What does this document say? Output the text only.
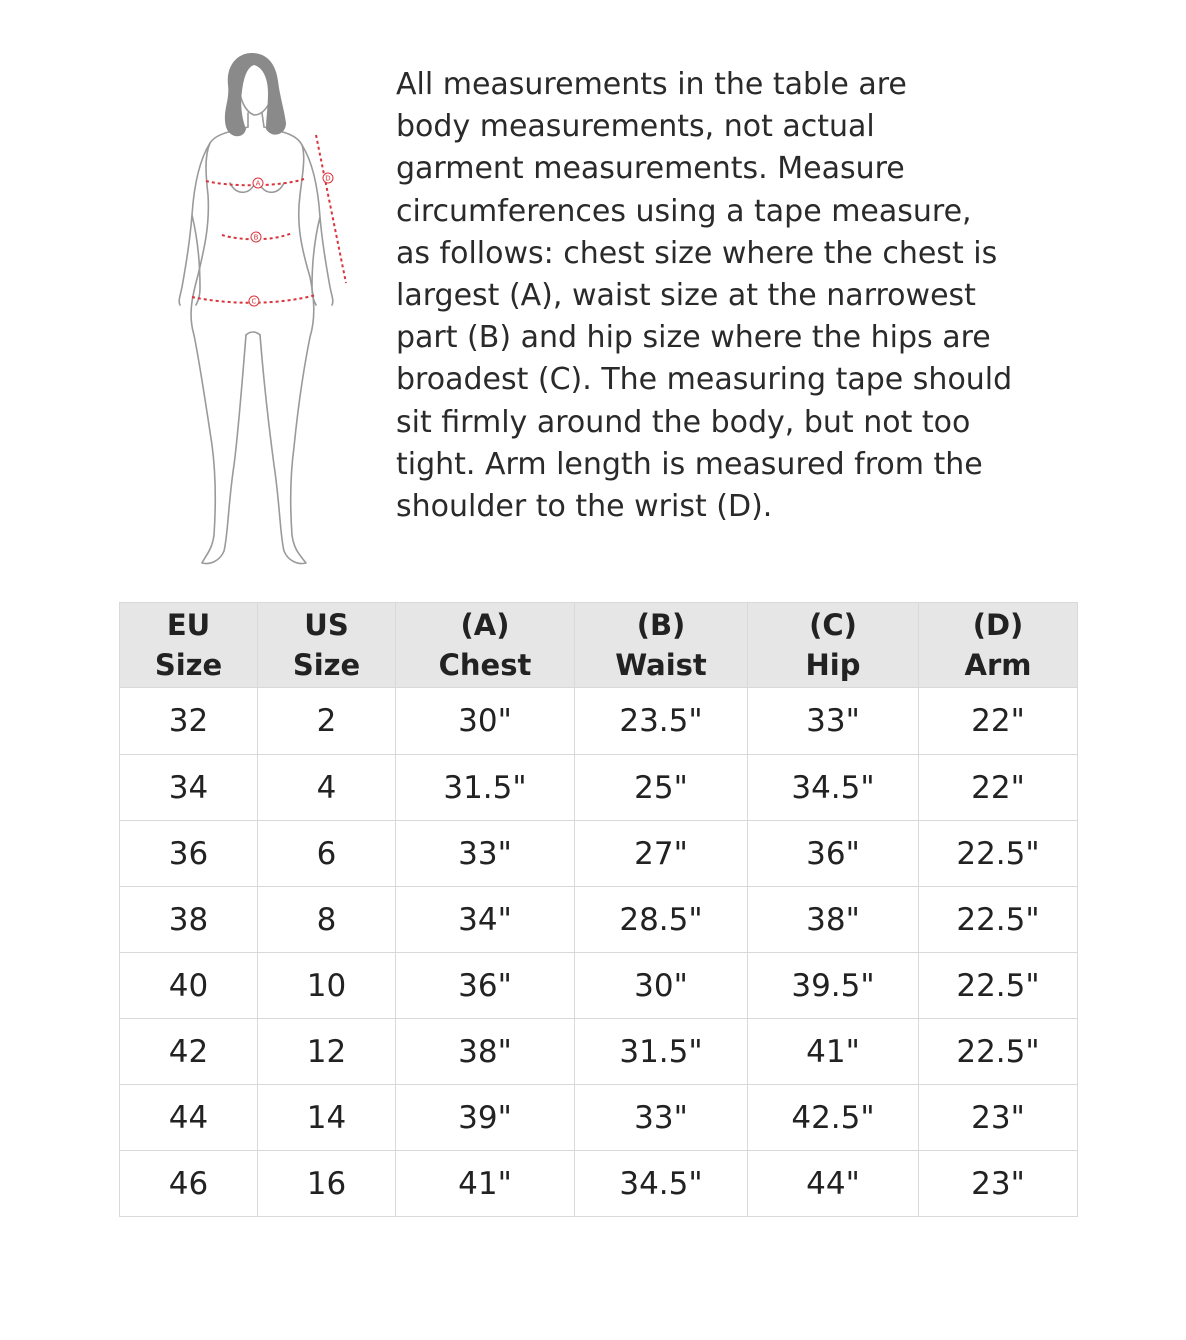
A
B
C
D
All measurements in the table are
body measurements, not actual
garment measurements. Measure
circumferences using a tape measure,
as follows: chest size where the chest is
largest (A), waist size at the narrowest
part (B) and hip size where the hips are
broadest (C). The measuring tape should
sit firmly around the body, but not too
tight. Arm length is measured from the
shoulder to the wrist (D).
EU
Size	US
Size	(A)
Chest	(B)
Waist	(C)
Hip	(D)
Arm

32	2	30"	23.5"	33"	22"
34	4	31.5"	25"	34.5"	22"
36	6	33"	27"	36"	22.5"
38	8	34"	28.5"	38"	22.5"
40	10	36"	30"	39.5"	22.5"
42	12	38"	31.5"	41"	22.5"
44	14	39"	33"	42.5"	23"
46	16	41"	34.5"	44"	23"
